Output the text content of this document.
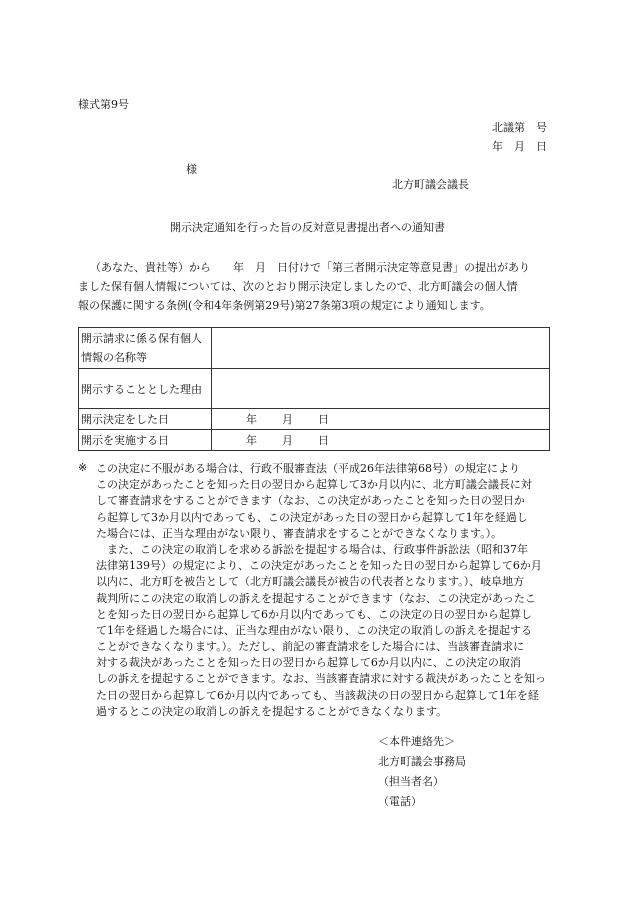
様式第9号

北議第　号

年　月　日

様

北方町議会議長

開示決定通知を行った旨の反対意見書提出者への通知書

（あなた、貴社等）から　　年　月　日付けで「第三者開示決定等意見書」の提出があり

ました保有個人情報については、次のとおり開示決定しましたので、北方町議会の個人情

報の保護に関する条例(令和4年条例第29号)第27条第3項の規定により通知します。

開示請求に係る保有個人
情報の名称等	

開示することとした理由	
開示決定をした日	年 月 日

開示を実施する日	年 月 日
※ この決定に不服がある場合は、行政不服審査法（平成26年法律第68号）の規定により
この決定があったことを知った日の翌日から起算して3か月以内に、北方町議会議長に対
して審査請求をすることができます（なお、この決定があったことを知った日の翌日か
ら起算して3か月以内であっても、この決定があった日の翌日から起算して1年を経過し
た場合には、正当な理由がない限り、審査請求をすることができなくなります。）。
　また、この決定の取消しを求める訴訟を提起する場合は、行政事件訴訟法（昭和37年
法律第139号）の規定により、この決定があったことを知った日の翌日から起算して6か月
以内に、北方町を被告として（北方町議会議長が被告の代表者となります。）、岐阜地方
裁判所にこの決定の取消しの訴えを提起することができます（なお、この決定があったこ
とを知った日の翌日から起算して6か月以内であっても、この決定の日の翌日から起算し
て1年を経過した場合には、正当な理由がない限り、この決定の取消しの訴えを提起する
ことができなくなります。）。ただし、前記の審査請求をした場合には、当該審査請求に
対する裁決があったことを知った日の翌日から起算して6か月以内に、この決定の取消
しの訴えを提起することができます。なお、当該審査請求に対する裁決があったことを知っ
た日の翌日から起算して6か月以内であっても、当該裁決の日の翌日から起算して1年を経
過するとこの決定の取消しの訴えを提起することができなくなります。

＜本件連絡先＞

北方町議会事務局

（担当者名）

（電話）
